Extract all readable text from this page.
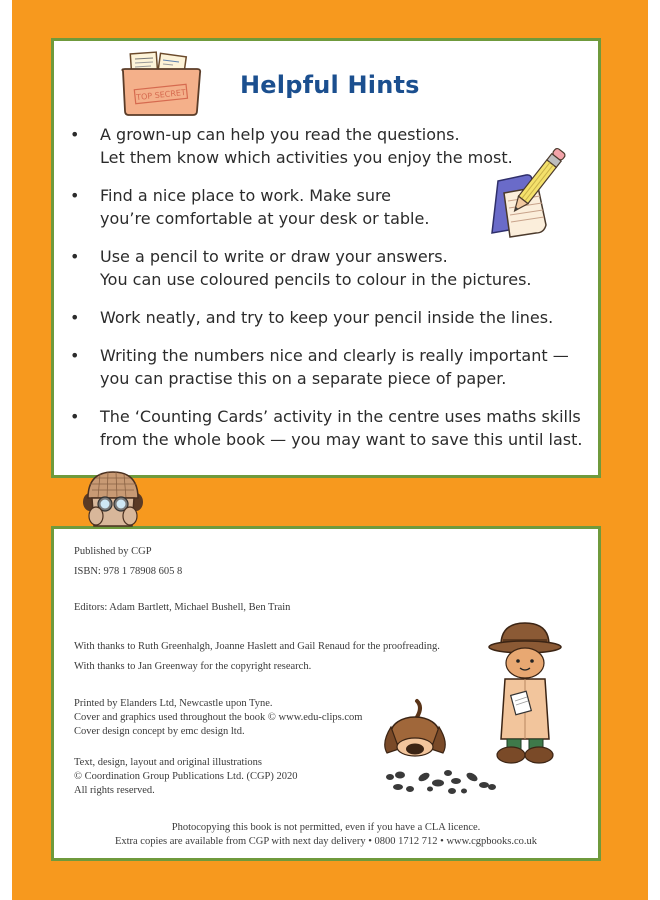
TOP SECRET Helpful Hints
• A grown-up can help you read the questions.
Let them know which activities you enjoy the most.
• Find a nice place to work. Make sure
you’re comfortable at your desk or table.
• Use a pencil to write or draw your answers.
You can use coloured pencils to colour in the pictures.
• Work neatly, and try to keep your pencil inside the lines.
• Writing the numbers nice and clearly is really important —
you can practise this on a separate piece of paper.
• The ‘Counting Cards’ activity in the centre uses maths skills
from the whole book — you may want to save this until last.
Published by CGP
ISBN: 978 1 78908 605 8
Editors: Adam Bartlett, Michael Bushell, Ben Train
With thanks to Ruth Greenhalgh, Joanne Haslett and Gail Renaud for the proofreading.
With thanks to Jan Greenway for the copyright research.
Printed by Elanders Ltd, Newcastle upon Tyne.
Cover and graphics used throughout the book © www.edu-clips.com
Cover design concept by emc design ltd.
Text, design, layout and original illustrations
© Coordination Group Publications Ltd. (CGP) 2020
All rights reserved.
Photocopying this book is not permitted, even if you have a CLA licence.
Extra copies are available from CGP with next day delivery • 0800 1712 712 • www.cgpbooks.co.uk
